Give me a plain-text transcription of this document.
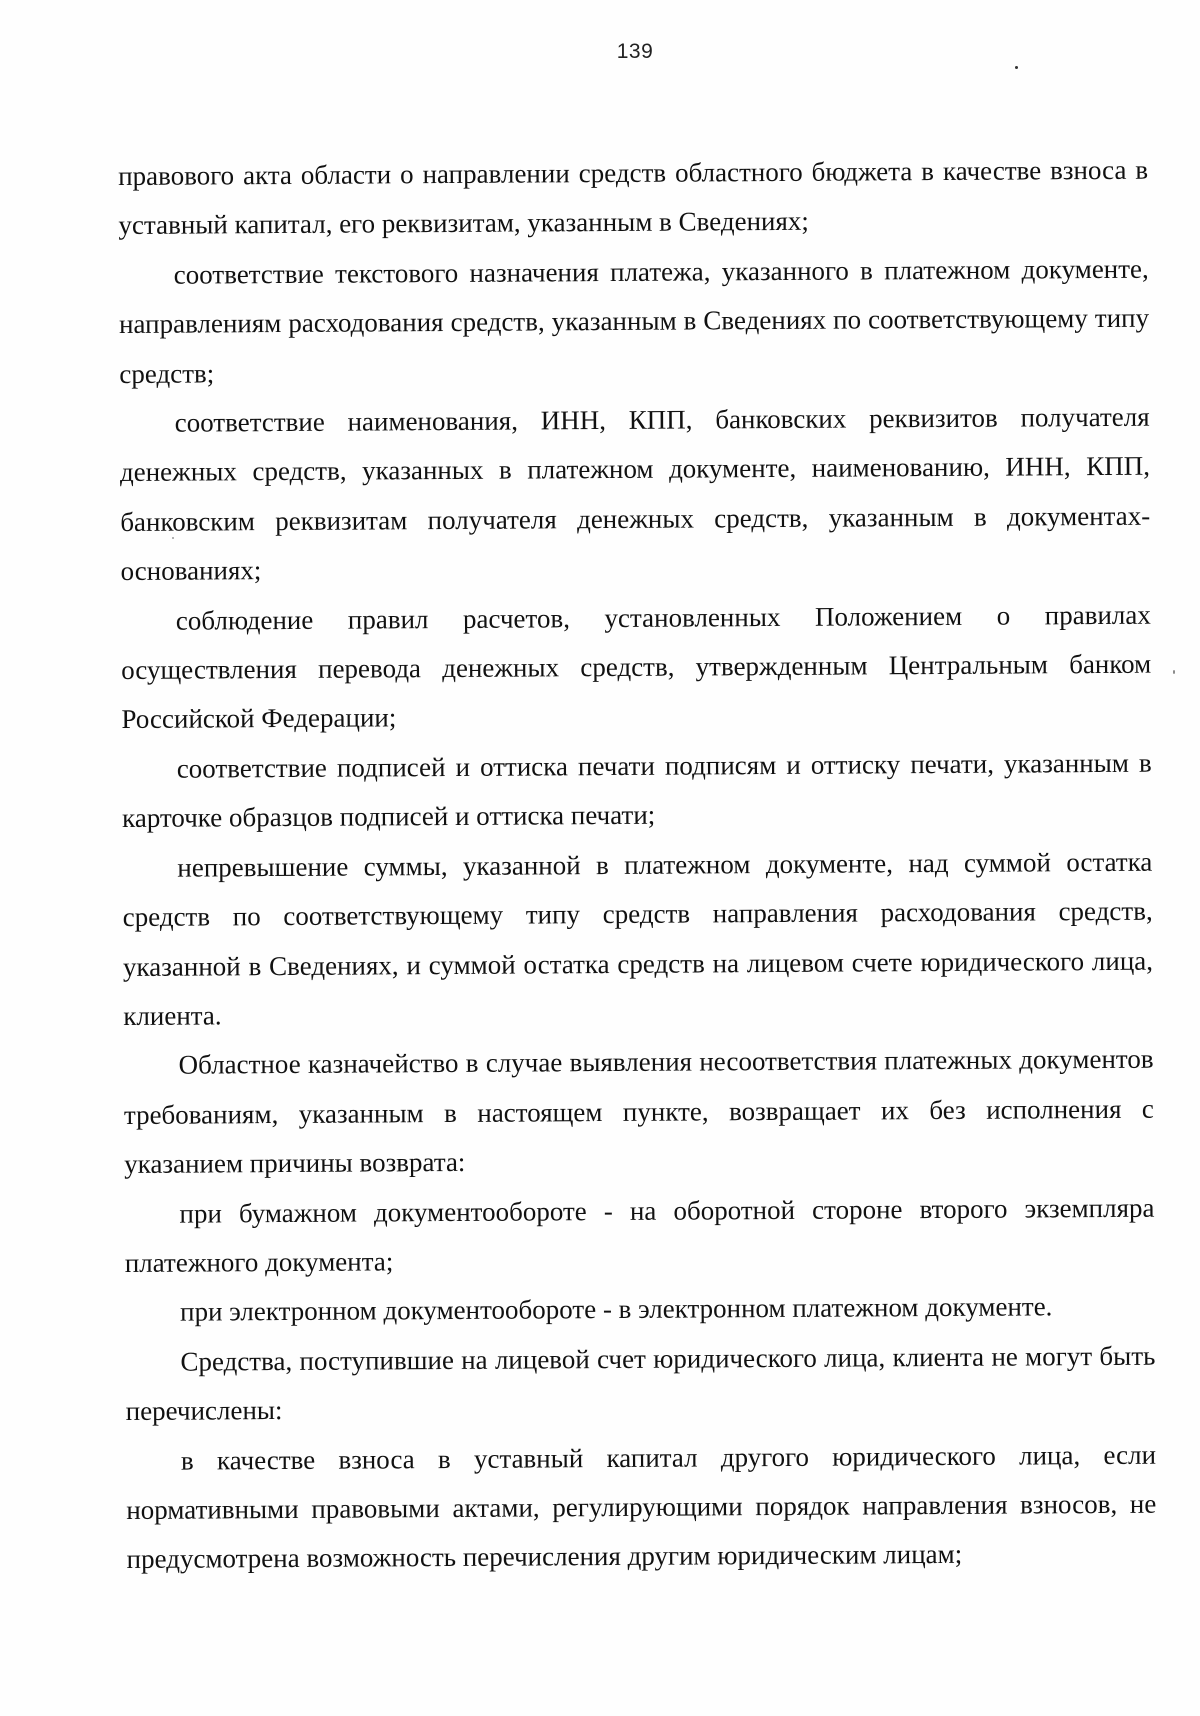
139

правового акта области о направлении средств областного бюджета в качестве взноса в уставный капитал, его реквизитам, указанным в Сведениях;

соответствие текстового назначения платежа, указанного в платежном документе, направлениям расходования средств, указанным в Сведениях по соответствующему типу средств;

соответствие наименования, ИНН, КПП, банковских реквизитов получателя денежных средств, указанных в платежном документе, наименованию, ИНН, КПП, банковским реквизитам получателя денежных средств, указанным в документах-основаниях;

соблюдение правил расчетов, установленных Положением о правилах осуществления перевода денежных средств, утвержденным Центральным банком Российской Федерации;

соответствие подписей и оттиска печати подписям и оттиску печати, указанным в карточке образцов подписей и оттиска печати;

непревышение суммы, указанной в платежном документе, над суммой остатка средств по соответствующему типу средств направления расходования средств, указанной в Сведениях, и суммой остатка средств на лицевом счете юридического лица, клиента.

Областное казначейство в случае выявления несоответствия платежных документов требованиям, указанным в настоящем пункте, возвращает их без исполнения с указанием причины возврата:

при бумажном документообороте - на оборотной стороне второго экземпляра платежного документа;

при электронном документообороте - в электронном платежном документе.

Средства, поступившие на лицевой счет юридического лица, клиента не могут быть перечислены:

в качестве взноса в уставный капитал другого юридического лица, если нормативными правовыми актами, регулирующими порядок направления взносов, не предусмотрена возможность перечисления другим юридическим лицам;
